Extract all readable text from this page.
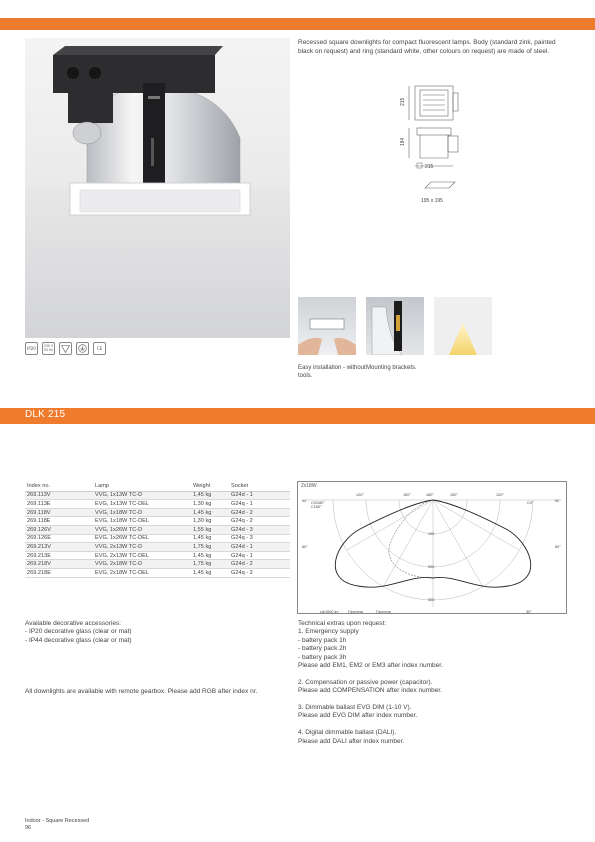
Recessed square downlights for compact fluorescent lamps. Body (standard zink, painted black on request) and ring (standard white, other colours on request) are made of steel.
215
184
215
195 x 195
Easy installation - without tools.
Mounting brackets.
IP20
230 V 50 Hz	CE
DLK 215
Index no.	Lamp	Weight	Socket
269.113V	VVG, 1x13W TC-D	1,45 kg	G24d - 1
269.113E	EVG, 1x13W TC-DEL	1,30 kg	G24q - 1
269.118V	VVG, 1x18W TC-D	1,45 kg	G24d - 2
269.118E	EVG, 1x18W TC-DEL	1,30 kg	G24q - 2
269.126V	VVG, 1x26W TC-D	1,55 kg	G24d - 3
269.126E	EVG, 1x26W TC-DEL	1,45 kg	G24q - 3
269.213V	VVG, 2x13W TC-D	1,75 kg	G24d - 1
269.213E	EVG, 2x13W TC-DEL	1,45 kg	G24q - 1
269.218V	VVG, 2x18W TC-D	1,75 kg	G24d - 2
269.218E	EVG, 2x18W TC-DEL	1,45 kg	G24q - 2
2x18W
90°
120°	150°	180°	150°	120°
90°
60°	60°
30°
C0/180°
C180°
C0°
100
200
300
cd/1000 lm Γdomma	Γdomma
Available decorative accessories:
- IP20 decorative glass (clear or mat)
- IP44 decorative glass (clear or mat)
All downlights are available with remote gearbox. Please add RGB after index nr.

Technical extras upon request:
1. Emergency supply
- battery pack 1h
- battery pack 2h
- battery pack 3h
Please add EM1, EM2 or EM3 after index number.

2. Compensation or passive power (capacitor).
Please add COMPENSATION after index number.

3. Dimmable ballast EVG DIM (1-10 V).
Please add EVG DIM after index number.

4. Digital dimmable ballast (DALI).
Please add DALI after index number.

Indoor - Square Recessed
96
